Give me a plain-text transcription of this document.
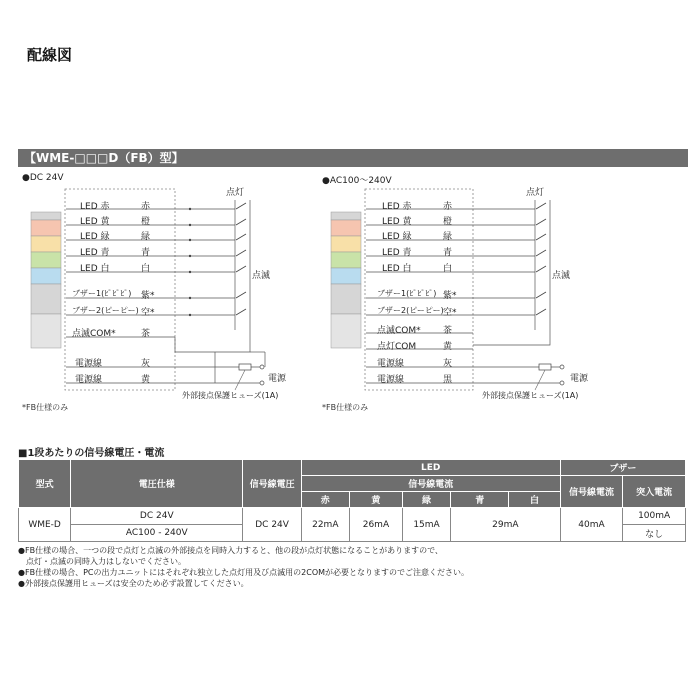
配線図
【WME-□□□D（FB）型】
●DC 24V
LED 赤	赤
LED 黄	橙
LED 緑	緑
LED 青	青
LED 白	白
ブザー1(ﾋﾟﾋﾟﾋﾟ) 紫*
ブザー2(ピーピー) 空*
点滅COM*	茶
電源線	灰
電源線	黄
点灯
点滅
電源
外部接点保護ヒューズ(1A)
*FB仕様のみ
●AC100～240V
LED 赤	赤
LED 黄	橙
LED 緑	緑
LED 青	青
LED 白	白
ブザー1(ﾋﾟﾋﾟﾋﾟ) 紫*
ブザー2(ピーピー) 空*
点滅COM* 茶
点灯COM	黄
電源線	灰
電源線	黒
点灯
点滅
電源
外部接点保護ヒューズ(1A)
*FB仕様のみ
■1段あたりの信号線電圧・電流
型式	電圧仕様	信号線電圧	LED					ブザー	
			信号線電流					信号線電流	突入電流
			赤	黄	緑	青	白		
WME-D	DC 24V	DC 24V	22mA	26mA	15mA	29mA		40mA	100mA
	AC100 - 240V								なし
●FB仕様の場合、一つの段で点灯と点滅の外部接点を同時入力すると、他の段が点灯状態になることがありますので、
　点灯・点滅の同時入力はしないでください。
●FB仕様の場合、PCの出力ユニットにはそれぞれ独立した点灯用及び点滅用の2COMが必要となりますのでご注意ください。
●外部接点保護用ヒューズは安全のため必ず設置してください。
